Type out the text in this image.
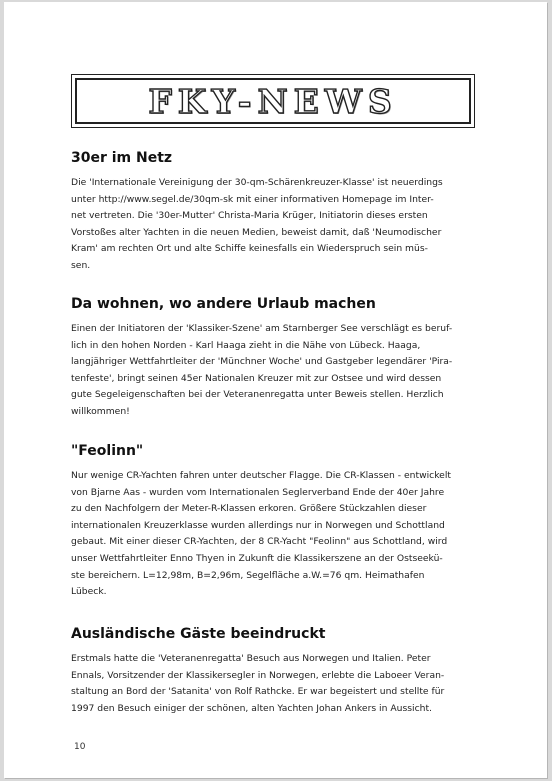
FKY-NEWS
30er im Netz

Die 'Internationale Vereinigung der 30-qm-Schärenkreuzer-Klasse' ist neuerdings
unter http://www.segel.de/30qm-sk mit einer informativen Homepage im Inter-
net vertreten. Die '30er-Mutter' Christa-Maria Krüger, Initiatorin dieses ersten
Vorstoßes alter Yachten in die neuen Medien, beweist damit, daß 'Neumodischer
Kram' am rechten Ort und alte Schiffe keinesfalls ein Wiederspruch sein müs-
sen.

Da wohnen, wo andere Urlaub machen

Einen der Initiatoren der 'Klassiker-Szene' am Starnberger See verschlägt es beruf-
lich in den hohen Norden - Karl Haaga zieht in die Nähe von Lübeck. Haaga,
langjähriger Wettfahrtleiter der 'Münchner Woche' und Gastgeber legendärer 'Pira-
tenfeste', bringt seinen 45er Nationalen Kreuzer mit zur Ostsee und wird dessen
gute Segeleigenschaften bei der Veteranenregatta unter Beweis stellen. Herzlich
willkommen!

"Feolinn"

Nur wenige CR-Yachten fahren unter deutscher Flagge. Die CR-Klassen - entwickelt
von Bjarne Aas - wurden vom Internationalen Seglerverband Ende der 40er Jahre
zu den Nachfolgern der Meter-R-Klassen erkoren. Größere Stückzahlen dieser
internationalen Kreuzerklasse wurden allerdings nur in Norwegen und Schottland
gebaut. Mit einer dieser CR-Yachten, der 8 CR-Yacht "Feolinn" aus Schottland, wird
unser Wettfahrtleiter Enno Thyen in Zukunft die Klassikerszene an der Ostseekü-
ste bereichern. L=12,98m, B=2,96m, Segelfläche a.W.=76 qm. Heimathafen
Lübeck.

Ausländische Gäste beeindruckt

Erstmals hatte die 'Veteranenregatta' Besuch aus Norwegen und Italien. Peter
Ennals, Vorsitzender der Klassikersegler in Norwegen, erlebte die Laboeer Veran-
staltung an Bord der 'Satanita' von Rolf Rathcke. Er war begeistert und stellte für
1997 den Besuch einiger der schönen, alten Yachten Johan Ankers in Aussicht.

10
